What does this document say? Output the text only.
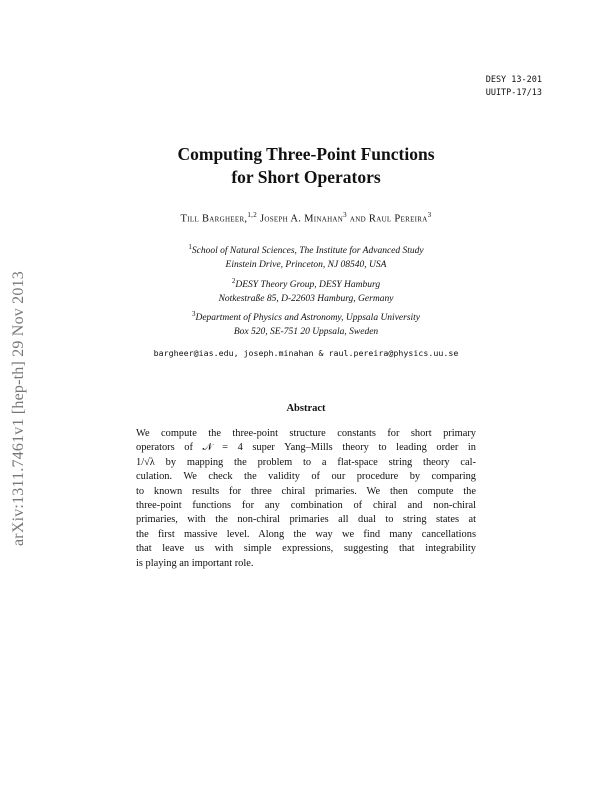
DESY 13-201
UUITP-17/13
arXiv:1311.7461v1 [hep-th] 29 Nov 2013
Computing Three-Point Functions
for Short Operators
Till Bargheer,$^{1,2}$ Joseph A. Minahan$^3$ and Raul Pereira$^3$
$^1$School of Natural Sciences, The Institute for Advanced Study
Einstein Drive, Princeton, NJ 08540, USA
$^2$DESY Theory Group, DESY Hamburg
Notkestraße 85, D-22603 Hamburg, Germany
$^3$Department of Physics and Astronomy, Uppsala University
Box 520, SE-751 20 Uppsala, Sweden
bargheer@ias.edu, joseph.minahan & raul.pereira@physics.uu.se
Abstract

We compute the three-point structure constants for short primary
operators of 𝒩 = 4 super Yang–Mills theory to leading order in
1/√λ by mapping the problem to a flat-space string theory cal-
culation. We check the validity of our procedure by comparing
to known results for three chiral primaries. We then compute the
three-point functions for any combination of chiral and non-chiral
primaries, with the non-chiral primaries all dual to string states at
the first massive level. Along the way we find many cancellations
that leave us with simple expressions, suggesting that integrability
is playing an important role.
